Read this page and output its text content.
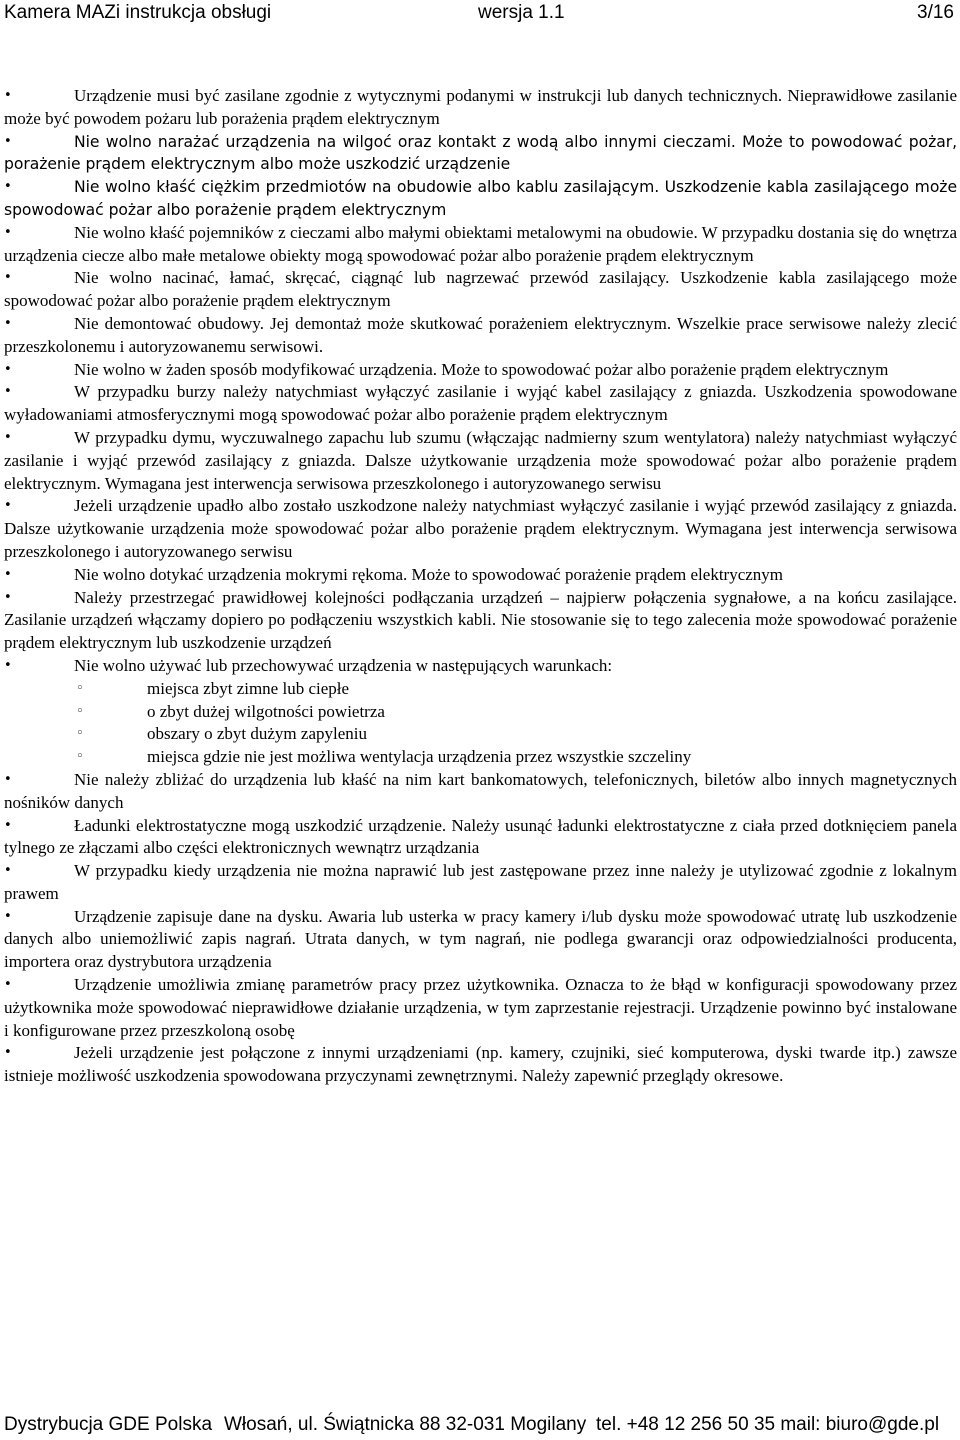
Kamera MAZi instrukcja obsługi	wersja 1.1	3/16

•	Urządzenie musi być zasilane zgodnie z wytycznymi podanymi w instrukcji lub danych technicznych. Nieprawidłowe zasilanie może być powodem pożaru lub porażenia prądem elektrycznym

•	Nie wolno narażać urządzenia na wilgoć oraz kontakt z wodą albo innymi cieczami. Może to powodować pożar, porażenie prądem elektrycznym albo może uszkodzić urządzenie

•	Nie wolno kłaść ciężkim przedmiotów na obudowie albo kablu zasilającym. Uszkodzenie kabla zasilającego może spowodować pożar albo porażenie prądem elektrycznym

•	Nie wolno kłaść pojemników z cieczami albo małymi obiektami metalowymi na obudowie. W przypadku dostania się do wnętrza urządzenia ciecze albo małe metalowe obiekty mogą spowodować pożar albo porażenie prądem elektrycznym

•	Nie wolno nacinać, łamać, skręcać, ciągnąć lub nagrzewać przewód zasilający. Uszkodzenie kabla zasilającego może spowodować pożar albo porażenie prądem elektrycznym

•	Nie demontować obudowy. Jej demontaż może skutkować porażeniem elektrycznym. Wszelkie prace serwisowe należy zlecić przeszkolonemu i autoryzowanemu serwisowi.

•	Nie wolno w żaden sposób modyfikować urządzenia. Może to spowodować pożar albo porażenie prądem elektrycznym

•	W przypadku burzy należy natychmiast wyłączyć zasilanie i wyjąć kabel zasilający z gniazda. Uszkodzenia spowodowane wyładowaniami atmosferycznymi mogą spowodować pożar albo porażenie prądem elektrycznym

•	W przypadku dymu, wyczuwalnego zapachu lub szumu (włączając nadmierny szum wentylatora) należy natychmiast wyłączyć zasilanie i wyjąć przewód zasilający z gniazda. Dalsze użytkowanie urządzenia może spowodować pożar albo porażenie prądem elektrycznym. Wymagana jest interwencja serwisowa przeszkolonego i autoryzowanego serwisu

•	Jeżeli urządzenie upadło albo zostało uszkodzone należy natychmiast wyłączyć zasilanie i wyjąć przewód zasilający z gniazda. Dalsze użytkowanie urządzenia może spowodować pożar albo porażenie prądem elektrycznym. Wymagana jest interwencja serwisowa przeszkolonego i autoryzowanego serwisu

•	Nie wolno dotykać urządzenia mokrymi rękoma. Może to spowodować porażenie prądem elektrycznym

•	Należy przestrzegać prawidłowej kolejności podłączania urządzeń – najpierw połączenia sygnałowe, a na końcu zasilające. Zasilanie urządzeń włączamy dopiero po podłączeniu wszystkich kabli. Nie stosowanie się to tego zalecenia może spowodować porażenie prądem elektrycznym lub uszkodzenie urządzeń

•	Nie wolno używać lub przechowywać urządzenia w następujących warunkach:

◦	miejsca zbyt zimne lub ciepłe

◦	o zbyt dużej wilgotności powietrza

◦	obszary o zbyt dużym zapyleniu

◦	miejsca gdzie nie jest możliwa wentylacja urządzenia przez wszystkie szczeliny

•	Nie należy zbliżać do urządzenia lub kłaść na nim kart bankomatowych, telefonicznych, biletów albo innych magnetycznych nośników danych

•	Ładunki elektrostatyczne mogą uszkodzić urządzenie. Należy usunąć ładunki elektrostatyczne z ciała przed dotknięciem panela tylnego ze złączami albo części elektronicznych wewnątrz urządzania

•	W przypadku kiedy urządzenia nie można naprawić lub jest zastępowane przez inne należy je utylizować zgodnie z lokalnym prawem

•	Urządzenie zapisuje dane na dysku. Awaria lub usterka w pracy kamery i/lub dysku może spowodować utratę lub uszkodzenie danych albo uniemożliwić zapis nagrań. Utrata danych, w tym nagrań, nie podlega gwarancji oraz odpowiedzialności producenta, importera oraz dystrybutora urządzenia

•	Urządzenie umożliwia zmianę parametrów pracy przez użytkownika. Oznacza to że błąd w konfiguracji spowodowany przez użytkownika może spowodować nieprawidłowe działanie urządzenia, w tym zaprzestanie rejestracji. Urządzenie powinno być instalowane i konfigurowane przez przeszkoloną osobę

•	Jeżeli urządzenie jest połączone z innymi urządzeniami (np. kamery, czujniki, sieć komputerowa, dyski twarde itp.) zawsze istnieje możliwość uszkodzenia spowodowana przyczynami zewnętrznymi. Należy zapewnić przeglądy okresowe.

Dystrybucja GDE Polska Włosań, ul. Świątnicka 88 32-031 Mogilany tel. +48 12 256 50 35 mail: biuro@gde.pl
